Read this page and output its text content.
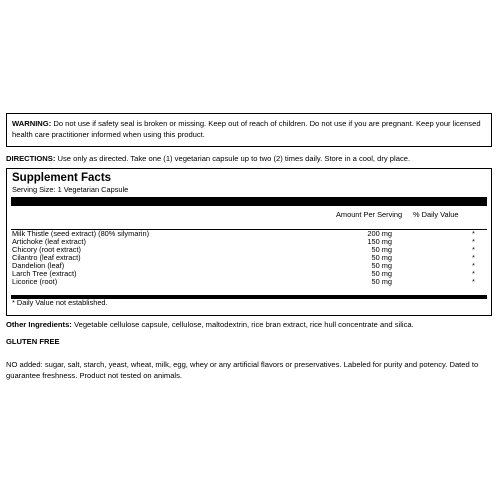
WARNING: Do not use if safety seal is broken or missing. Keep out of reach of children. Do not use if you are pregnant. Keep your licensed health care practitioner informed when using this product.
DIRECTIONS: Use only as directed. Take one (1) vegetarian capsule up to two (2) times daily. Store in a cool, dry place.
Supplement Facts
Serving Size: 1 Vegetarian Capsule
Amount Per Serving % Daily Value
Milk Thistle (seed extract) (80% silymarin)	200 mg	*
Artichoke (leaf extract)	150 mg	*
Chicory (root extract)	50 mg	*
Cilantro (leaf extract)	50 mg	*
Dandelion (leaf)	50 mg	*
Larch Tree (extract)	50 mg	*
Licorice (root)	50 mg	*
* Daily Value not established.
Other Ingredients: Vegetable cellulose capsule, cellulose, maltodextrin, rice bran extract, rice hull concentrate and silica.
GLUTEN FREE
NO added: sugar, salt, starch, yeast, wheat, milk, egg, whey or any artificial flavors or preservatives. Labeled for purity and potency. Dated to guarantee freshness. Product not tested on animals.
